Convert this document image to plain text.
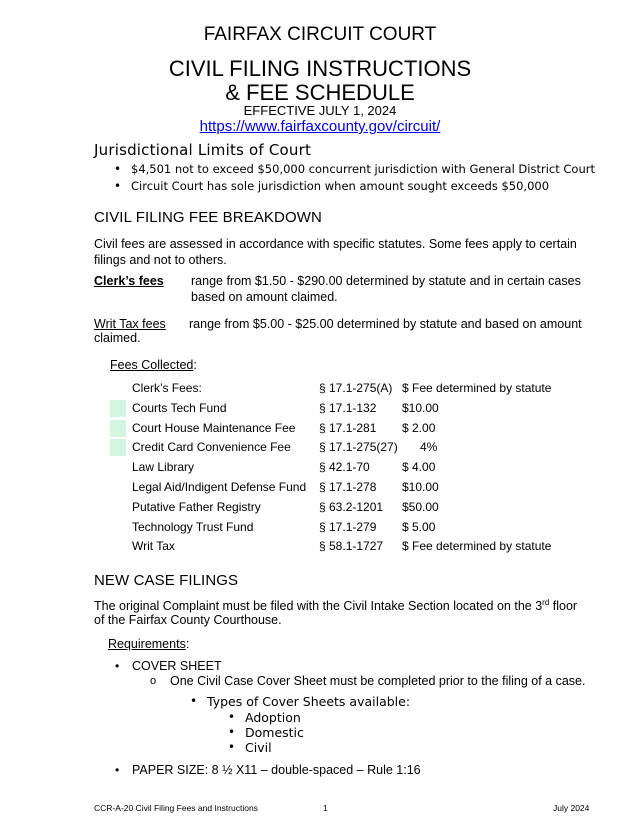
FAIRFAX CIRCUIT COURT
CIVIL FILING INSTRUCTIONS
& FEE SCHEDULE
EFFECTIVE JULY 1, 2024
https://www.fairfaxcounty.gov/circuit/
Jurisdictional Limits of Court
• $4,501 not to exceed $50,000 concurrent jurisdiction with General District Court
• Circuit Court has sole jurisdiction when amount sought exceeds $50,000
CIVIL FILING FEE BREAKDOWN
Civil fees are assessed in accordance with specific statutes. Some fees apply to certain filings and not to others.
Clerk’s fees range from $1.50 - $290.00 determined by statute and in certain cases
based on amount claimed.
Writ Tax fees range from $5.00 - $25.00 determined by statute and based on amount
claimed.
Fees Collected:
Clerk’s Fees:	§ 17.1-275(A) $ Fee determined by statute
Courts Tech Fund	§ 17.1-132 $10.00
Court House Maintenance Fee § 17.1-281 $ 2.00
Credit Card Convenience Fee § 17.1-275(27) 4%
Law Library	§ 42.1-70	$ 4.00
Legal Aid/Indigent Defense Fund § 17.1-278 $10.00
Putative Father Registry	§ 63.2-1201 $50.00
Technology Trust Fund	§ 17.1-279 $ 5.00
Writ Tax	§ 58.1-1727 $ Fee determined by statute
NEW CASE FILINGS
The original Complaint must be filed with the Civil Intake Section located on the 3rd floor
of the Fairfax County Courthouse.
Requirements:
• COVER SHEET
o One Civil Case Cover Sheet must be completed prior to the filing of a case.
• Types of Cover Sheets available:
• Adoption
• Domestic
• Civil
• PAPER SIZE: 8 ½ X11 – double-spaced – Rule 1:16
CCR-A-20 Civil Filing Fees and Instructions	1	July 2024
